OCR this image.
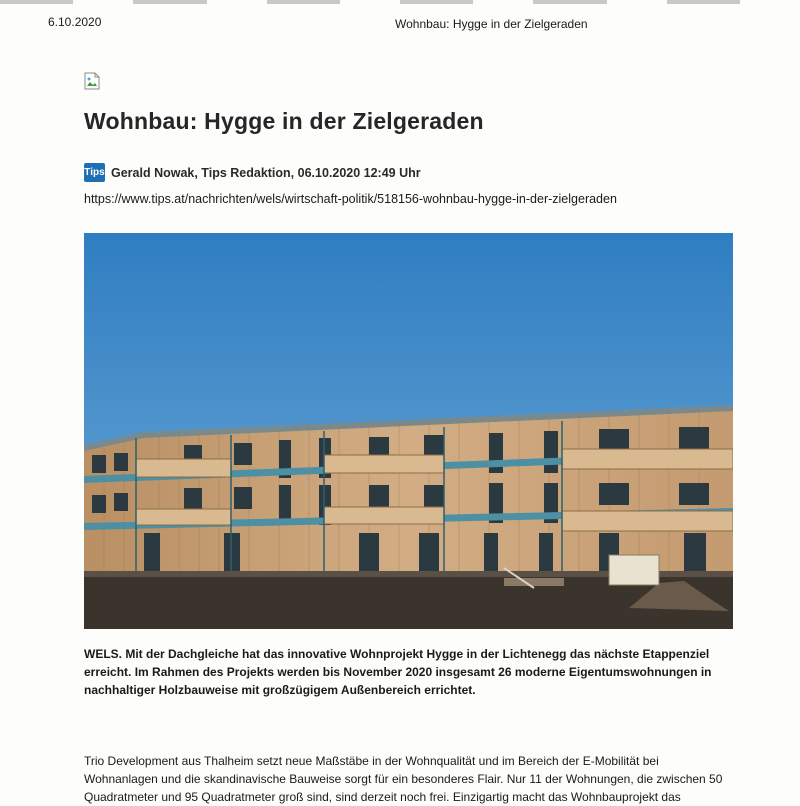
6.10.2020	Wohnbau: Hygge in der Zielgeraden
Wohnbau: Hygge in der Zielgeraden
Tips Gerald Nowak, Tips Redaktion, 06.10.2020 12:49 Uhr
https://www.tips.at/nachrichten/wels/wirtschaft-politik/518156-wohnbau-hygge-in-der-zielgeraden

WELS. Mit der Dachgleiche hat das innovative Wohnprojekt Hygge in der Lichtenegg das nächste Etappenziel erreicht. Im Rahmen des Projekts werden bis November 2020 insgesamt 26 moderne Eigentumswohnungen in nachhaltiger Holzbauweise mit großzügigem Außenbereich errichtet.

Trio Development aus Thalheim setzt neue Maßstäbe in der Wohnqualität und im Bereich der E-Mobilität bei Wohnanlagen und die skandinavische Bauweise sorgt für ein besonderes Flair. Nur 11 der Wohnungen, die zwischen 50 Quadratmeter und 95 Quadratmeter groß sind, sind derzeit noch frei. Einzigartig macht das Wohnbauprojekt das
